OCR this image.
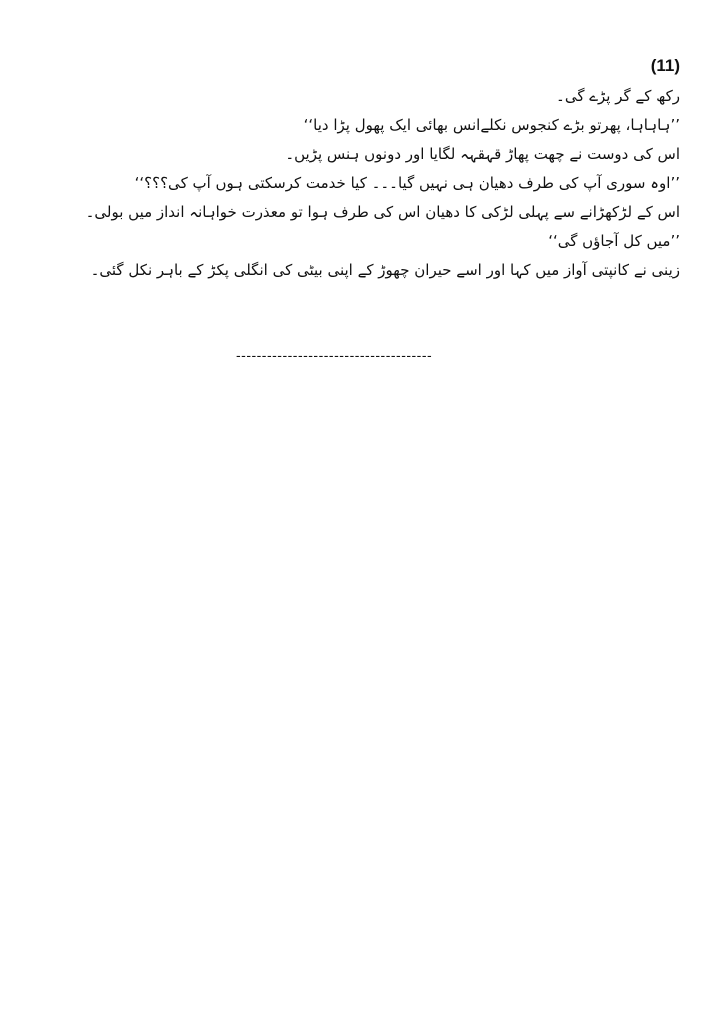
(11)
رکھ کے گر پڑے گی۔
’’ہاہاہا، پھرتو بڑے کنجوس نکلےانس بھائی ایک پھول پڑا دیا‘‘
اس کی دوست نے چھت پھاڑ قہقہہ لگایا اور دونوں ہنس پڑیں۔
’’اوہ سوری آپ کی طرف دھیان ہی نہیں گیا۔۔۔ کیا خدمت کرسکتی ہوں آپ کی؟؟؟‘‘
اس کے لڑکھڑانے سے پہلی لڑکی کا دھیان اس کی طرف ہوا تو معذرت خواہانہ انداز میں بولی۔
’’میں کل آجاؤں گی‘‘
زینی نے کانپتی آواز میں کہا اور اسے حیران چھوڑ کے اپنی بیٹی کی انگلی پکڑ کے باہر نکل گئی۔
--------------------------------------
